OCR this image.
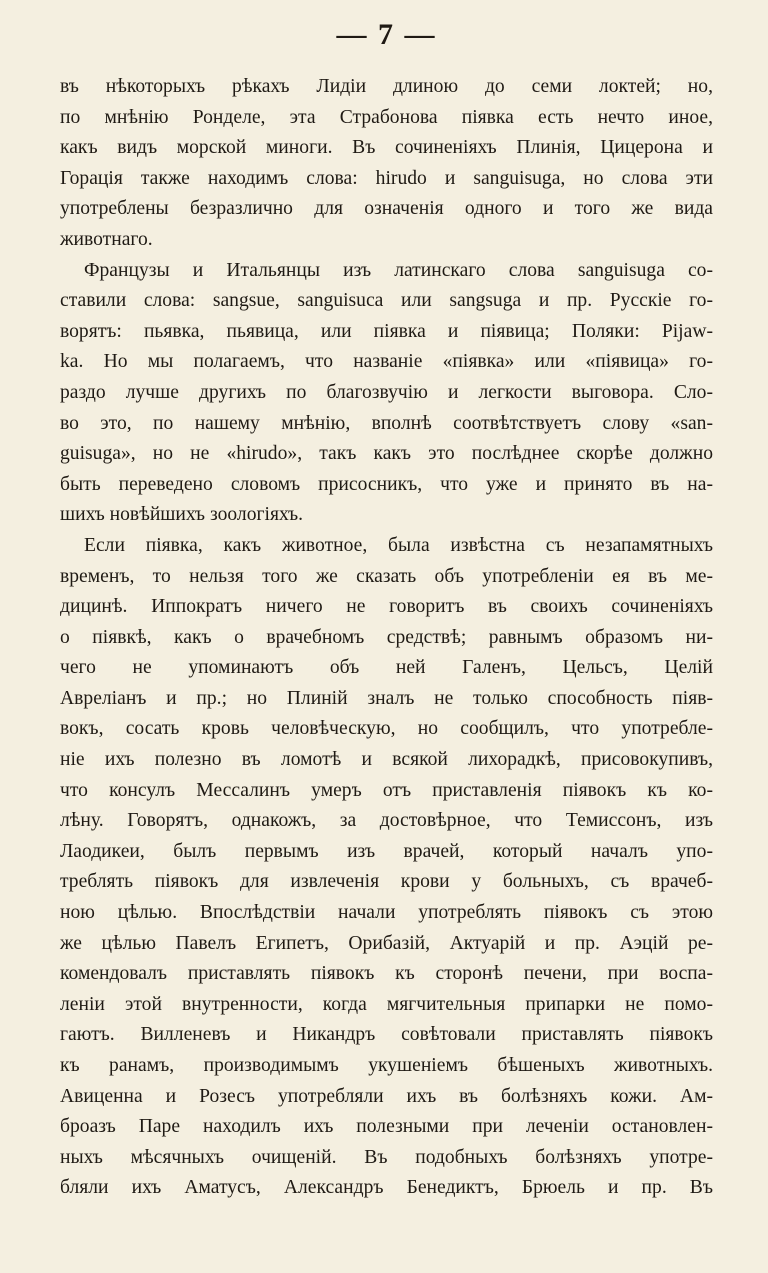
— 7 —
въ нѣкоторыхъ рѣкахъ Лидіи длиною до семи локтей; но,
по мнѣнію Ронделе, эта Страбонова піявка есть нечто иное,
какъ видъ морской миноги. Въ сочиненіяхъ Плинія, Цицерона и
Горація также находимъ слова: hirudo и sanguisuga, но слова эти
употреблены безразлично для означенія одного и того же вида
животнаго.
Французы и Итальянцы изъ латинскаго слова sanguisuga со-
ставили слова: sangsue, sanguisuca или sangsuga и пр. Русскіе го-
ворятъ: пьявка, пьявица, или піявка и піявица; Поляки: Pijaw-
ka. Но мы полагаемъ, что названіе «піявка» или «піявица» го-
раздо лучше другихъ по благозвучію и легкости выговора. Сло-
во это, по нашему мнѣнію, вполнѣ соотвѣтствуетъ слову «san-
guisuga», но не «hirudo», такъ какъ это послѣднее скорѣе должно
быть переведено словомъ присосникъ, что уже и принято въ на-
шихъ новѣйшихъ зоологіяхъ.
Если піявка, какъ животное, была извѣстна съ незапамятныхъ
временъ, то нельзя того же сказать объ употребленіи ея въ ме-
дицинѣ. Иппократъ ничего не говоритъ въ своихъ сочиненіяхъ
о піявкѣ, какъ о врачебномъ средствѣ; равнымъ образомъ ни-
чего не упоминаютъ объ ней Галенъ, Цельсъ, Целій
Авреліанъ и пр.; но Плиній зналъ не только способность піяв-
вокъ, сосать кровь человѣческую, но сообщилъ, что употребле-
ніе ихъ полезно въ ломотѣ и всякой лихорадкѣ, присовокупивъ,
что консулъ Мессалинъ умеръ отъ приставленія піявокъ къ ко-
лѣну. Говорятъ, однакожъ, за достовѣрное, что Темиссонъ, изъ
Лаодикеи, былъ первымъ изъ врачей, который началъ упо-
треблять піявокъ для извлеченія крови у больныхъ, съ врачеб-
ною цѣлью. Впослѣдствіи начали употреблять піявокъ съ этою
же цѣлью Павелъ Египетъ, Орибазій, Актуарій и пр. Аэцій ре-
комендовалъ приставлять піявокъ къ сторонѣ печени, при воспа-
леніи этой внутренности, когда мягчительныя припарки не помо-
гаютъ. Вилленевъ и Никандръ совѣтовали приставлять піявокъ
къ ранамъ, производимымъ укушеніемъ бѣшеныхъ животныхъ.
Авиценна и Розесъ употребляли ихъ въ болѣзняхъ кожи. Ам-
броазъ Паре находилъ ихъ полезными при леченіи остановлен-
ныхъ мѣсячныхъ очищеній. Въ подобныхъ болѣзняхъ употре-
бляли ихъ Аматусъ, Александръ Бенедиктъ, Брюель и пр. Въ
